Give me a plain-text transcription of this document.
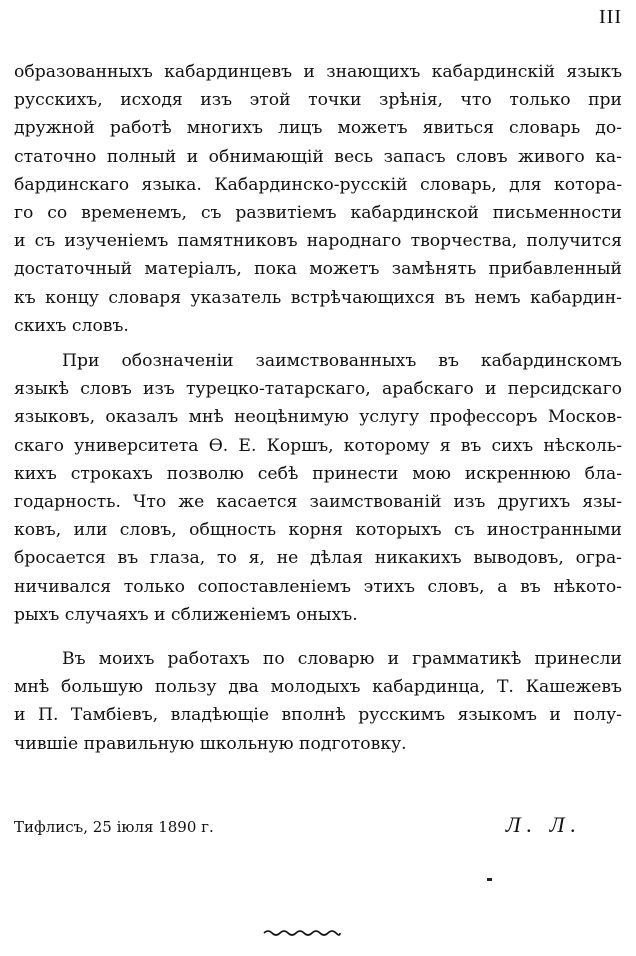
III
образованныхъ кабардинцевъ и знающихъ кабардинскій языкъ
русскихъ, исходя изъ этой точки зрѣнія, что только при
дружной работѣ многихъ лицъ можетъ явиться словарь до-
статочно полный и обнимающій весь запасъ словъ живого ка-
бардинскаго языка. Кабардинско-русскій словарь, для котора-
го со временемъ, съ развитіемъ кабардинской письменности
и съ изученіемъ памятниковъ народнаго творчества, получится
достаточный матеріалъ, пока можетъ замѣнять прибавленный
къ концу словаря указатель встрѣчающихся въ немъ кабардин-
скихъ словъ.
При обозначеніи заимствованныхъ въ кабардинскомъ
языкѣ словъ изъ турецко-татарскаго, арабскаго и персидскаго
языковъ, оказалъ мнѣ неоцѣнимую услугу профессоръ Москов-
скаго университета Ѳ. Е. Коршъ, которому я въ сихъ нѣсколь-
кихъ строкахъ позволю себѣ принести мою искреннюю бла-
годарность. Что же касается заимствованій изъ другихъ язы-
ковъ, или словъ, общность корня которыхъ съ иностранными
бросается въ глаза, то я, не дѣлая никакихъ выводовъ, огра-
ничивался только сопоставленіемъ этихъ словъ, а въ нѣкото-
рыхъ случаяхъ и сближеніемъ оныхъ.
Въ моихъ работахъ по словарю и грамматикѣ принесли
мнѣ большую пользу два молодыхъ кабардинца, Т. Кашежевъ
и П. Тамбіевъ, владѣющіе вполнѣ русскимъ языкомъ и полу-
чившіе правильную школьную подготовку.
Тифлисъ, 25 іюля 1890 г.	Л. Л.
